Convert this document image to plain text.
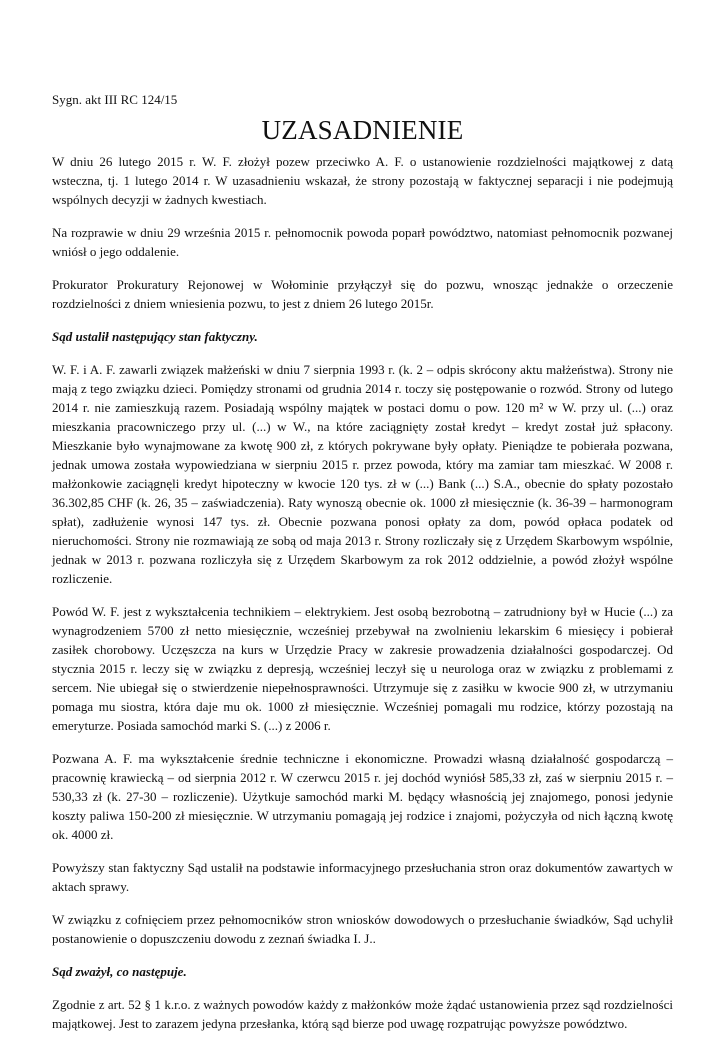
Sygn. akt III RC 124/15
UZASADNIENIE

W dniu 26 lutego 2015 r. W. F. złożył pozew przeciwko A. F. o ustanowienie rozdzielności majątkowej z datą wsteczna, tj. 1 lutego 2014 r. W uzasadnieniu wskazał, że strony pozostają w faktycznej separacji i nie podejmują wspólnych decyzji w żadnych kwestiach.

Na rozprawie w dniu 29 września 2015 r. pełnomocnik powoda poparł powództwo, natomiast pełnomocnik pozwanej wniósł o jego oddalenie.

Prokurator Prokuratury Rejonowej w Wołominie przyłączył się do pozwu, wnosząc jednakże o orzeczenie rozdzielności z dniem wniesienia pozwu, to jest z dniem 26 lutego 2015r.

Sąd ustalił następujący stan faktyczny.

W. F. i A. F. zawarli związek małżeński w dniu 7 sierpnia 1993 r. (k. 2 – odpis skrócony aktu małżeństwa). Strony nie mają z tego związku dzieci. Pomiędzy stronami od grudnia 2014 r. toczy się postępowanie o rozwód. Strony od lutego 2014 r. nie zamieszkują razem. Posiadają wspólny majątek w postaci domu o pow. 120 m² w W. przy ul. (...) oraz mieszkania pracowniczego przy ul. (...) w W., na które zaciągnięty został kredyt – kredyt został już spłacony. Mieszkanie było wynajmowane za kwotę 900 zł, z których pokrywane były opłaty. Pieniądze te pobierała pozwana, jednak umowa została wypowiedziana w sierpniu 2015 r. przez powoda, który ma zamiar tam mieszkać. W 2008 r. małżonkowie zaciągnęli kredyt hipoteczny w kwocie 120 tys. zł w (...) Bank (...) S.A., obecnie do spłaty pozostało 36.302,85 CHF (k. 26, 35 – zaświadczenia). Raty wynoszą obecnie ok. 1000 zł miesięcznie (k. 36-39 – harmonogram spłat), zadłużenie wynosi 147 tys. zł. Obecnie pozwana ponosi opłaty za dom, powód opłaca podatek od nieruchomości. Strony nie rozmawiają ze sobą od maja 2013 r. Strony rozliczały się z Urzędem Skarbowym wspólnie, jednak w 2013 r. pozwana rozliczyła się z Urzędem Skarbowym za rok 2012 oddzielnie, a powód złożył wspólne rozliczenie.

Powód W. F. jest z wykształcenia technikiem – elektrykiem. Jest osobą bezrobotną – zatrudniony był w Hucie (...) za wynagrodzeniem 5700 zł netto miesięcznie, wcześniej przebywał na zwolnieniu lekarskim 6 miesięcy i pobierał zasiłek chorobowy. Uczęszcza na kurs w Urzędzie Pracy w zakresie prowadzenia działalności gospodarczej. Od stycznia 2015 r. leczy się w związku z depresją, wcześniej leczył się u neurologa oraz w związku z problemami z sercem. Nie ubiegał się o stwierdzenie niepełnosprawności. Utrzymuje się z zasiłku w kwocie 900 zł, w utrzymaniu pomaga mu siostra, która daje mu ok. 1000 zł miesięcznie. Wcześniej pomagali mu rodzice, którzy pozostają na emeryturze. Posiada samochód marki S. (...) z 2006 r.

Pozwana A. F. ma wykształcenie średnie techniczne i ekonomiczne. Prowadzi własną działalność gospodarczą – pracownię krawiecką – od sierpnia 2012 r. W czerwcu 2015 r. jej dochód wyniósł 585,33 zł, zaś w sierpniu 2015 r. – 530,33 zł (k. 27-30 – rozliczenie). Użytkuje samochód marki M. będący własnością jej znajomego, ponosi jedynie koszty paliwa 150-200 zł miesięcznie. W utrzymaniu pomagają jej rodzice i znajomi, pożyczyła od nich łączną kwotę ok. 4000 zł.

Powyższy stan faktyczny Sąd ustalił na podstawie informacyjnego przesłuchania stron oraz dokumentów zawartych w aktach sprawy.

W związku z cofnięciem przez pełnomocników stron wniosków dowodowych o przesłuchanie świadków, Sąd uchylił postanowienie o dopuszczeniu dowodu z zeznań świadka I. J..

Sąd zważył, co następuje.

Zgodnie z art. 52 § 1 k.r.o. z ważnych powodów każdy z małżonków może żądać ustanowienia przez sąd rozdzielności majątkowej. Jest to zarazem jedyna przesłanka, którą sąd bierze pod uwagę rozpatrując powyższe powództwo.
